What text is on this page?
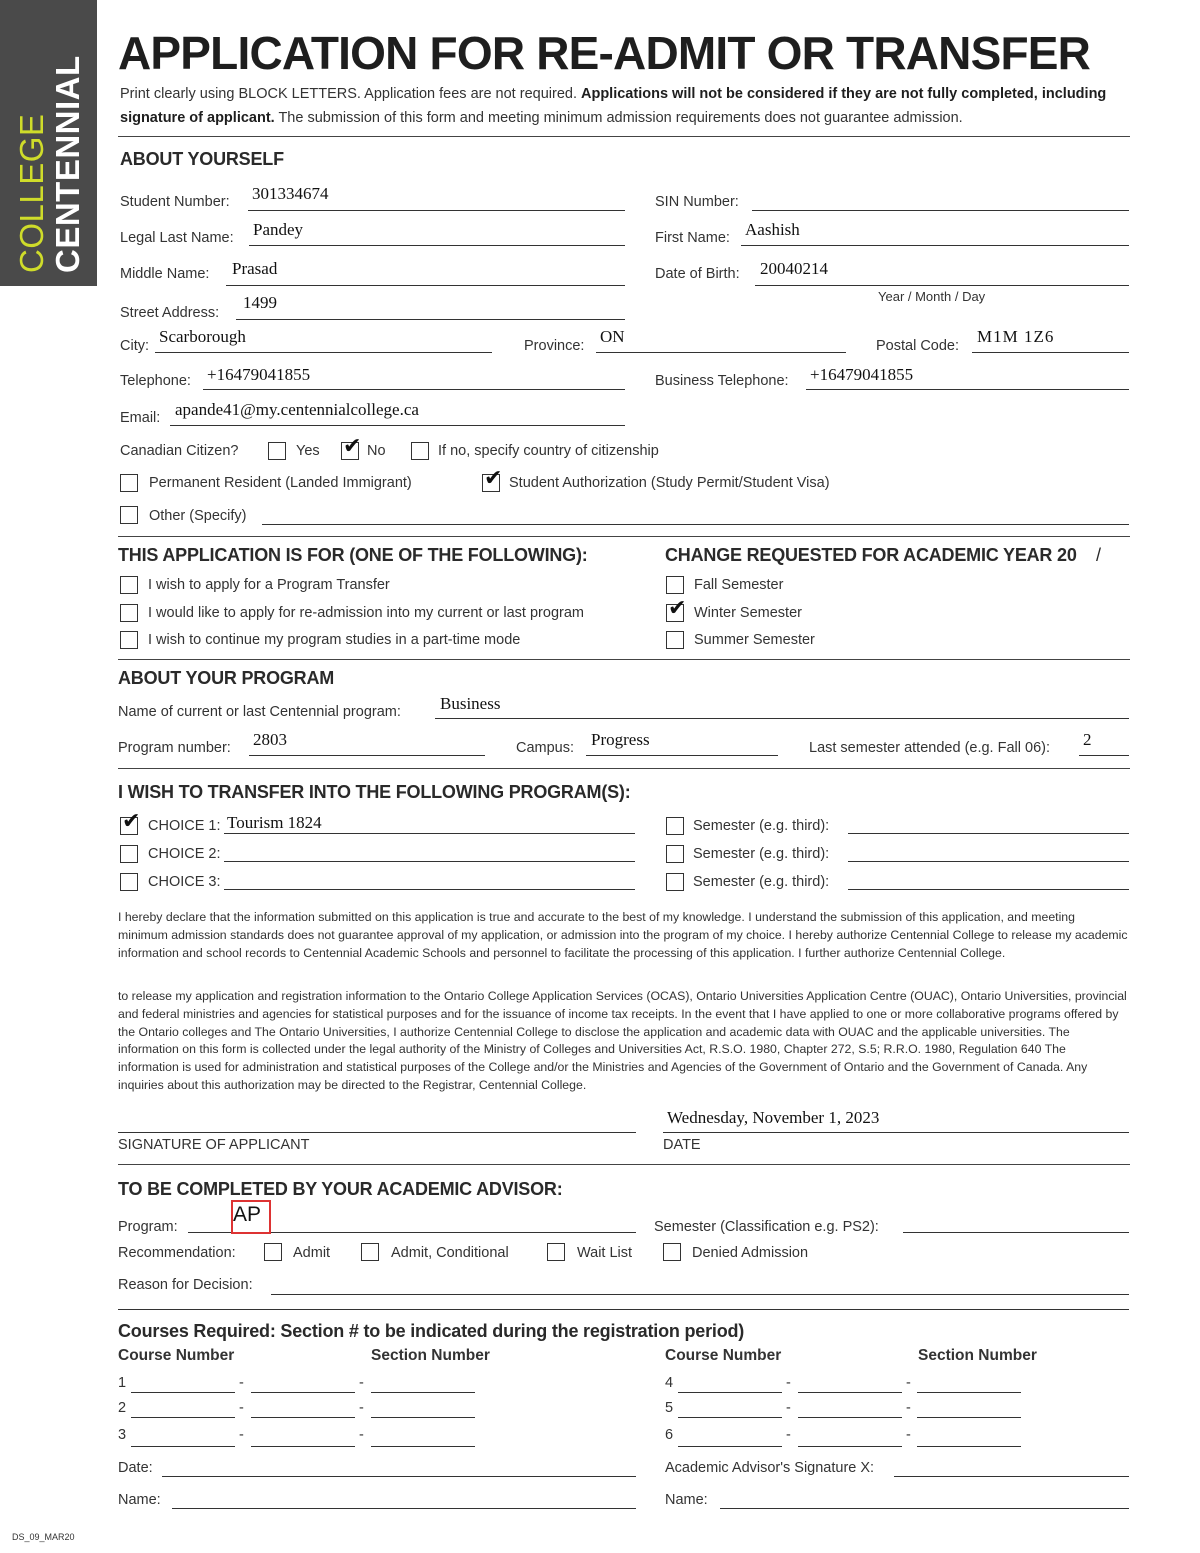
COLLEGE CENTENNIAL
APPLICATION FOR RE-ADMIT OR TRANSFER
Print clearly using BLOCK LETTERS. Application fees are not required. Applications will not be considered if they are not fully completed, including signature of applicant. The submission of this form and meeting minimum admission requirements does not guarantee admission.
ABOUT YOURSELF
Student Number: 301334674	SIN Number:
Legal Last Name: Pandey	First Name: Aashish
Middle Name: Prasad	Date of Birth: 20040214
Year / Month / Day
Street Address:
1499
City: Scarborough	Province: ON	Postal Code: M1M 1Z6
Telephone: +16479041855	Business Telephone: +16479041855
Email: apande41@my.centennialcollege.ca
Canadian Citizen?	Yes ✔ No	If no, specify country of citizenship
Permanent Resident (Landed Immigrant)	✔ Student Authorization (Study Permit/Student Visa)
Other (Specify)
THIS APPLICATION IS FOR (ONE OF THE FOLLOWING):
I wish to apply for a Program Transfer
I would like to apply for re-admission into my current or last program
I wish to continue my program studies in a part-time mode
CHANGE REQUESTED FOR ACADEMIC YEAR 20 /
Fall Semester
✔ Winter Semester
Summer Semester
ABOUT YOUR PROGRAM
Name of current or last Centennial program: Business
Program number: 2803	Campus: Progress	Last semester attended (e.g. Fall 06): 2
I WISH TO TRANSFER INTO THE FOLLOWING PROGRAM(S):
✔ CHOICE 1: Tourism 1824
CHOICE 2:
CHOICE 3:
Semester (e.g. third):
Semester (e.g. third):
Semester (e.g. third):
I hereby declare that the information submitted on this application is true and accurate to the best of my knowledge. I understand the submission of this application, and meeting minimum admission standards does not guarantee approval of my application, or admission into the program of my choice. I hereby authorize Centennial College to release my academic information and school records to Centennial Academic Schools and personnel to facilitate the processing of this application. I further authorize Centennial College.
to release my application and registration information to the Ontario College Application Services (OCAS), Ontario Universities Application Centre (OUAC), Ontario Universities, provincial and federal ministries and agencies for statistical purposes and for the issuance of income tax receipts. In the event that I have applied to one or more collaborative programs offered by the Ontario colleges and The Ontario Universities, I authorize Centennial College to disclose the application and academic data with OUAC and the applicable universities. The information on this form is collected under the legal authority of the Ministry of Colleges and Universities Act, R.S.O. 1980, Chapter 272, S.5; R.R.O. 1980, Regulation 640 The information is used for administration and statistical purposes of the College and/or the Ministries and Agencies of the Government of Ontario and the Government of Canada. Any inquiries about this authorization may be directed to the Registrar, Centennial College.
SIGNATURE OF APPLICANT
Wednesday, November 1, 2023
DATE
TO BE COMPLETED BY YOUR ACADEMIC ADVISOR:
Program:
AP
Semester (Classification e.g. PS2):
Recommendation:	Admit	Admit, Conditional	Wait List	Denied Admission
Reason for Decision:
Courses Required: Section # to be indicated during the registration period)
Course Number	Section Number	Course Number	Section Number
1	-	-
2	-	-
3	-	-
4	-	-
5	-	-
6	-	-
Date:	Academic Advisor's Signature X:
Name:	Name:
DS_09_MAR20
